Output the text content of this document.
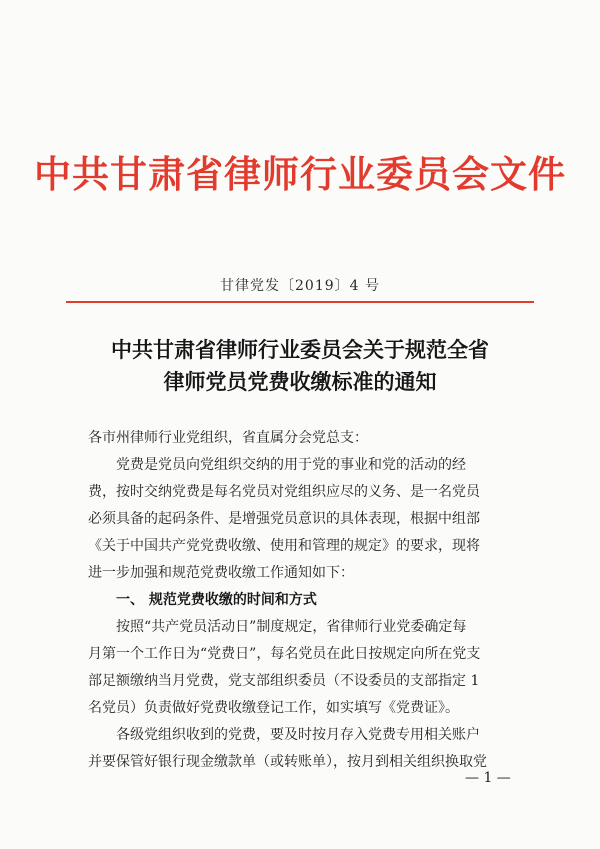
中共甘肃省律师行业委员会文件
甘律党发〔2019〕4 号
中共甘肃省律师行业委员会关于规范全省
律师党员党费收缴标准的通知

各市州律师行业党组织，省直属分会党总支：

党费是党员向党组织交纳的用于党的事业和党的活动的经

费，按时交纳党费是每名党员对党组织应尽的义务、是一名党员

必须具备的起码条件、是增强党员意识的具体表现，根据中组部

《关于中国共产党党费收缴、使用和管理的规定》的要求，现将

进一步加强和规范党费收缴工作通知如下：

一、 规范党费收缴的时间和方式

按照“共产党员活动日”制度规定，省律师行业党委确定每

月第一个工作日为“党费日”，每名党员在此日按规定向所在党支

部足额缴纳当月党费，党支部组织委员（不设委员的支部指定 1

名党员）负责做好党费收缴登记工作，如实填写《党费证》。

各级党组织收到的党费，要及时按月存入党费专用相关账户

并要保管好银行现金缴款单（或转账单），按月到相关组织换取党

— 1 —
